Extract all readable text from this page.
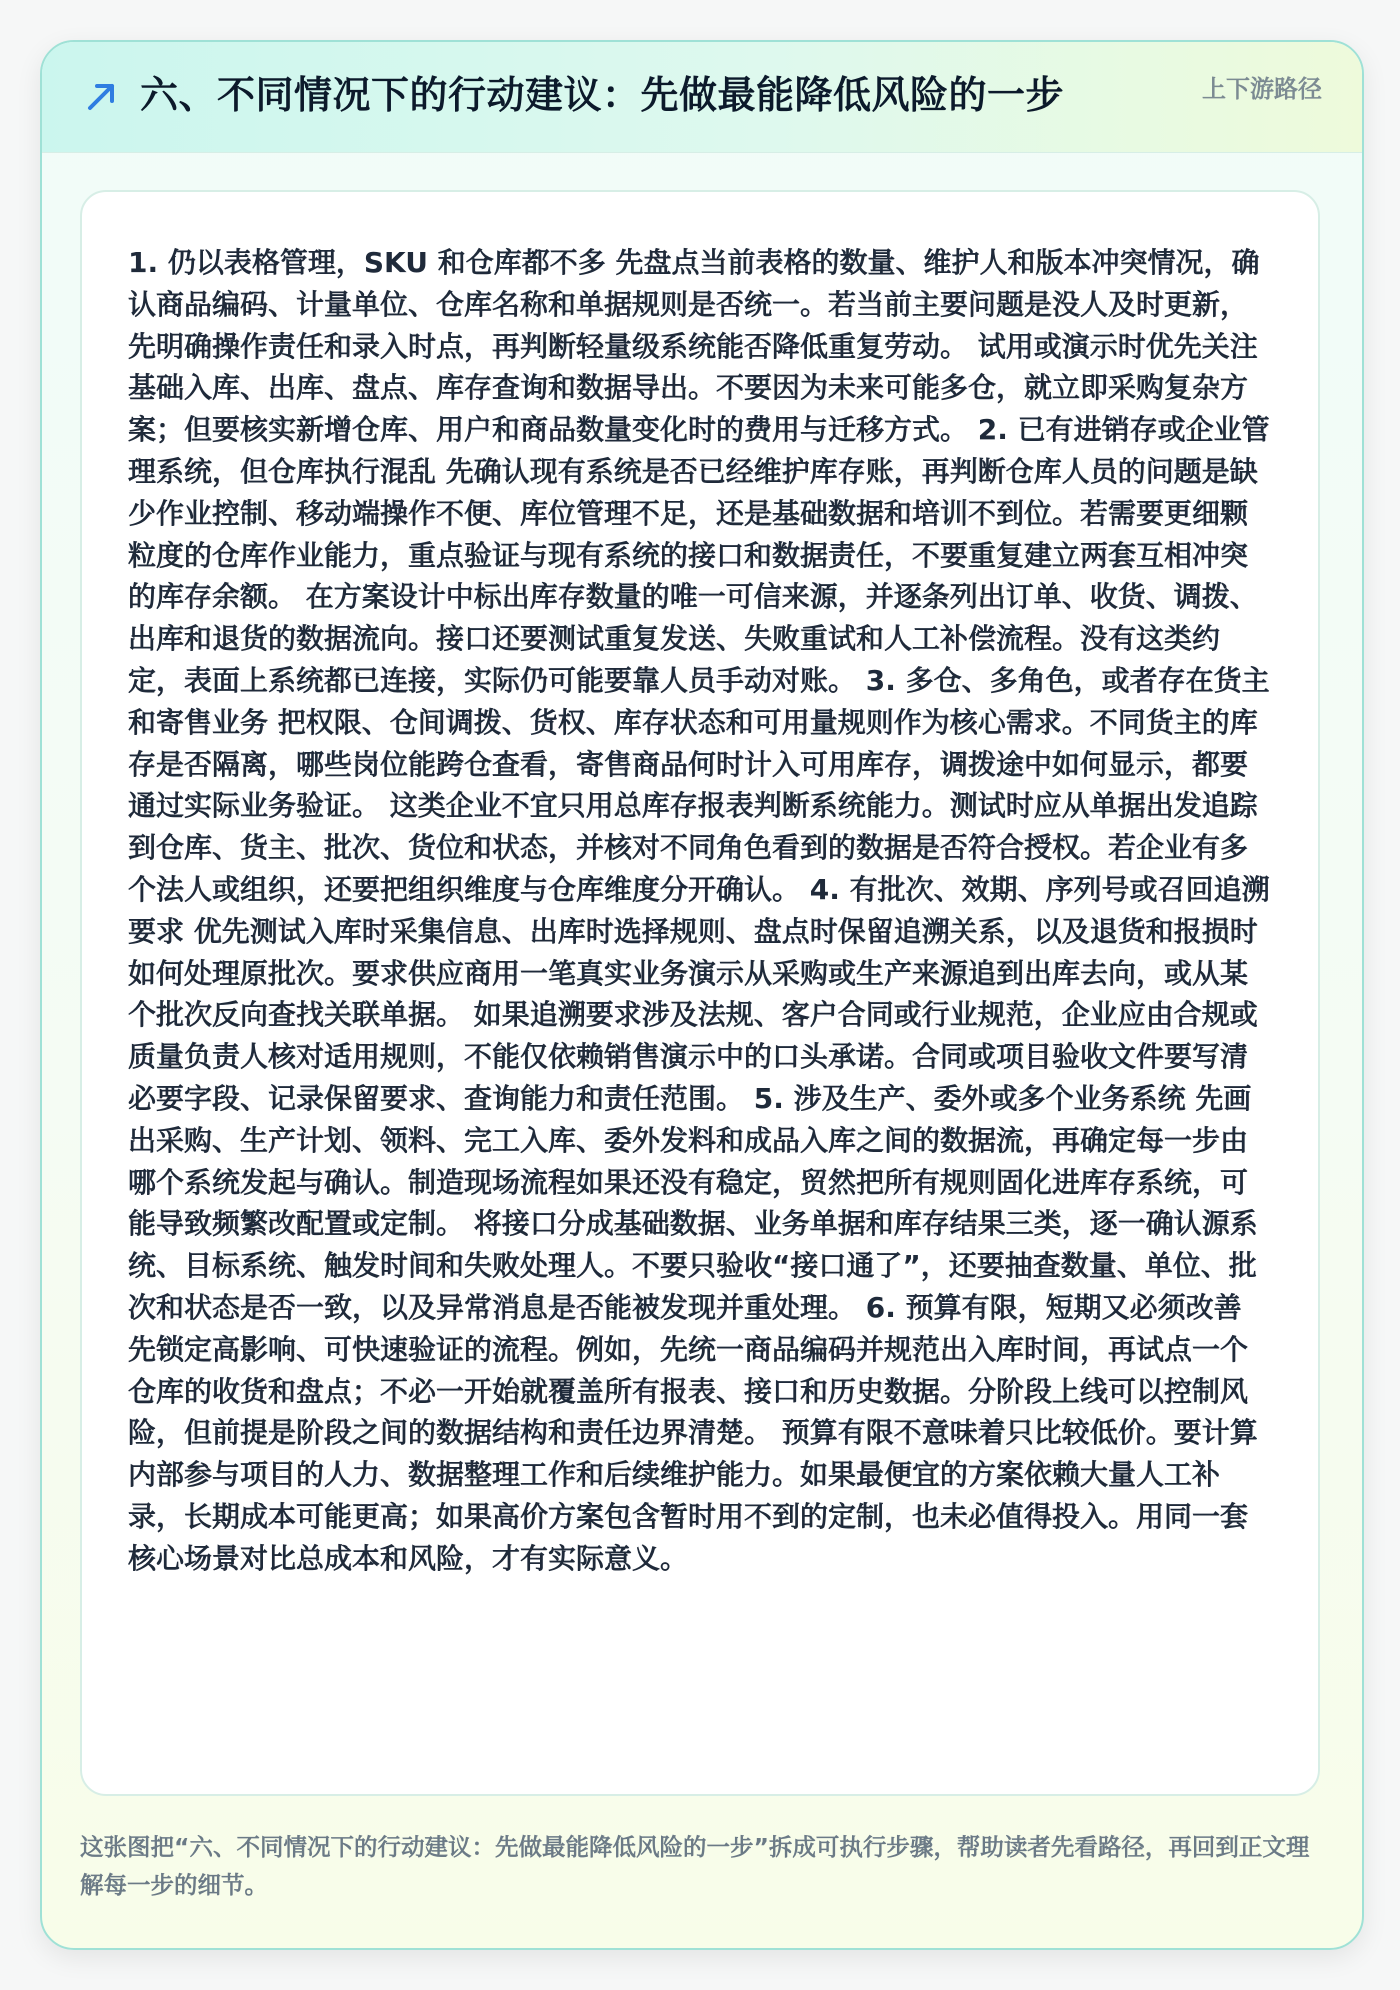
六、不同情况下的行动建议：先做最能降低风险的一步	上下游路径

1. 仍以表格管理，SKU 和仓库都不多 先盘点当前表格的数量、维护人和版本冲突情况，确认商品编码、计量单位、仓库名称和单据规则是否统一。若当前主要问题是没人及时更新，先明确操作责任和录入时点，再判断轻量级系统能否降低重复劳动。 试用或演示时优先关注基础入库、出库、盘点、库存查询和数据导出。不要因为未来可能多仓，就立即采购复杂方案；但要核实新增仓库、用户和商品数量变化时的费用与迁移方式。 2. 已有进销存或企业管理系统，但仓库执行混乱 先确认现有系统是否已经维护库存账，再判断仓库人员的问题是缺少作业控制、移动端操作不便、库位管理不足，还是基础数据和培训不到位。若需要更细颗粒度的仓库作业能力，重点验证与现有系统的接口和数据责任，不要重复建立两套互相冲突的库存余额。 在方案设计中标出库存数量的唯一可信来源，并逐条列出订单、收货、调拨、出库和退货的数据流向。接口还要测试重复发送、失败重试和人工补偿流程。没有这类约定，表面上系统都已连接，实际仍可能要靠人员手动对账。 3. 多仓、多角色，或者存在货主和寄售业务 把权限、仓间调拨、货权、库存状态和可用量规则作为核心需求。不同货主的库存是否隔离，哪些岗位能跨仓查看，寄售商品何时计入可用库存，调拨途中如何显示，都要通过实际业务验证。 这类企业不宜只用总库存报表判断系统能力。测试时应从单据出发追踪到仓库、货主、批次、货位和状态，并核对不同角色看到的数据是否符合授权。若企业有多个法人或组织，还要把组织维度与仓库维度分开确认。 4. 有批次、效期、序列号或召回追溯要求 优先测试入库时采集信息、出库时选择规则、盘点时保留追溯关系，以及退货和报损时如何处理原批次。要求供应商用一笔真实业务演示从采购或生产来源追到出库去向，或从某个批次反向查找关联单据。 如果追溯要求涉及法规、客户合同或行业规范，企业应由合规或质量负责人核对适用规则，不能仅依赖销售演示中的口头承诺。合同或项目验收文件要写清必要字段、记录保留要求、查询能力和责任范围。 5. 涉及生产、委外或多个业务系统 先画出采购、生产计划、领料、完工入库、委外发料和成品入库之间的数据流，再确定每一步由哪个系统发起与确认。制造现场流程如果还没有稳定，贸然把所有规则固化进库存系统，可能导致频繁改配置或定制。 将接口分成基础数据、业务单据和库存结果三类，逐一确认源系统、目标系统、触发时间和失败处理人。不要只验收“接口通了”，还要抽查数量、单位、批次和状态是否一致，以及异常消息是否能被发现并重处理。 6. 预算有限，短期又必须改善 先锁定高影响、可快速验证的流程。例如，先统一商品编码并规范出入库时间，再试点一个仓库的收货和盘点；不必一开始就覆盖所有报表、接口和历史数据。分阶段上线可以控制风险，但前提是阶段之间的数据结构和责任边界清楚。 预算有限不意味着只比较低价。要计算内部参与项目的人力、数据整理工作和后续维护能力。如果最便宜的方案依赖大量人工补录，长期成本可能更高；如果高价方案包含暂时用不到的定制，也未必值得投入。用同一套核心场景对比总成本和风险，才有实际意义。

这张图把“六、不同情况下的行动建议：先做最能降低风险的一步”拆成可执行步骤，帮助读者先看路径，再回到正文理解每一步的细节。
